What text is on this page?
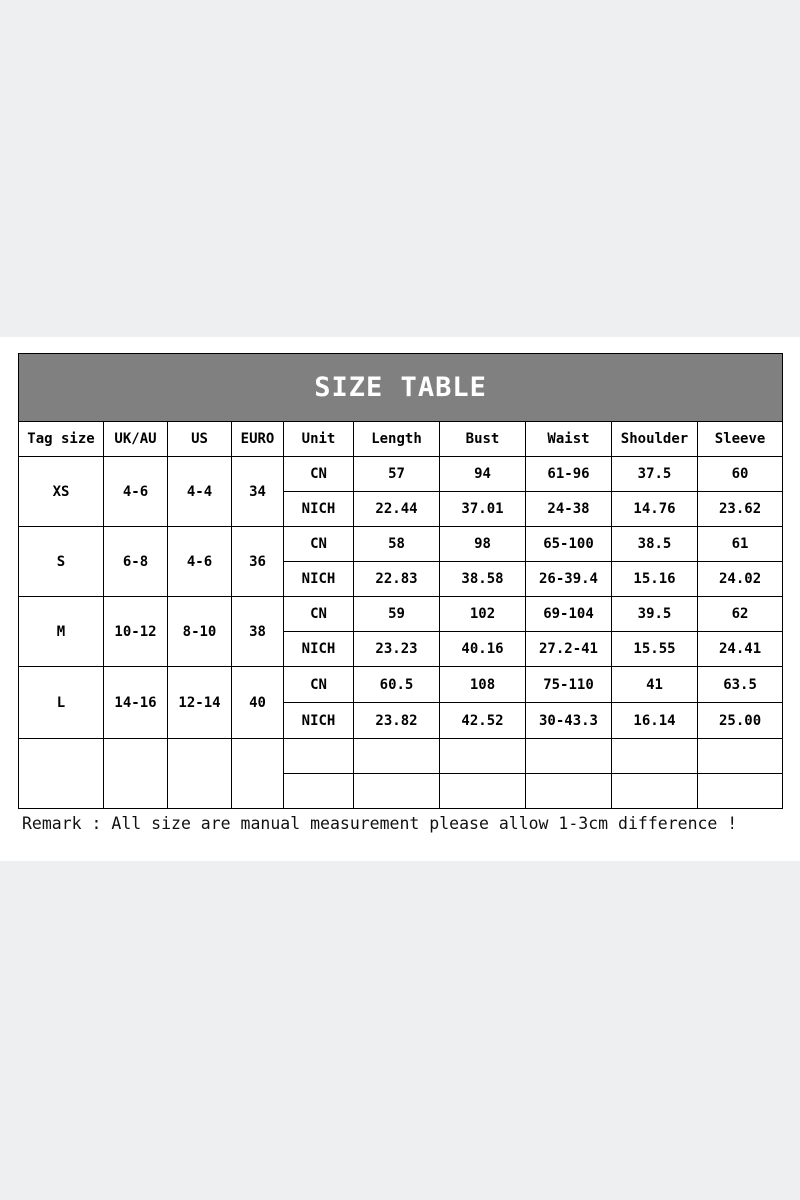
SIZE TABLE									
Tag size	UK/AU	US	EURO	Unit	Length	Bust	Waist	Shoulder	Sleeve
XS	4-6	4-4	34	CN	57	94	61-96	37.5	60
				NICH	22.44	37.01	24-38	14.76	23.62
S	6-8	4-6	36	CN	58	98	65-100	38.5	61
				NICH	22.83	38.58	26-39.4	15.16	24.02
M	10-12	8-10	38	CN	59	102	69-104	39.5	62
				NICH	23.23	40.16	27.2-41	15.55	24.41
L	14-16	12-14	40	CN	60.5	108	75-110	41	63.5
				NICH	23.82	42.52	30-43.3	16.14	25.00

Remark : All size are manual measurement please allow 1-3cm difference !
